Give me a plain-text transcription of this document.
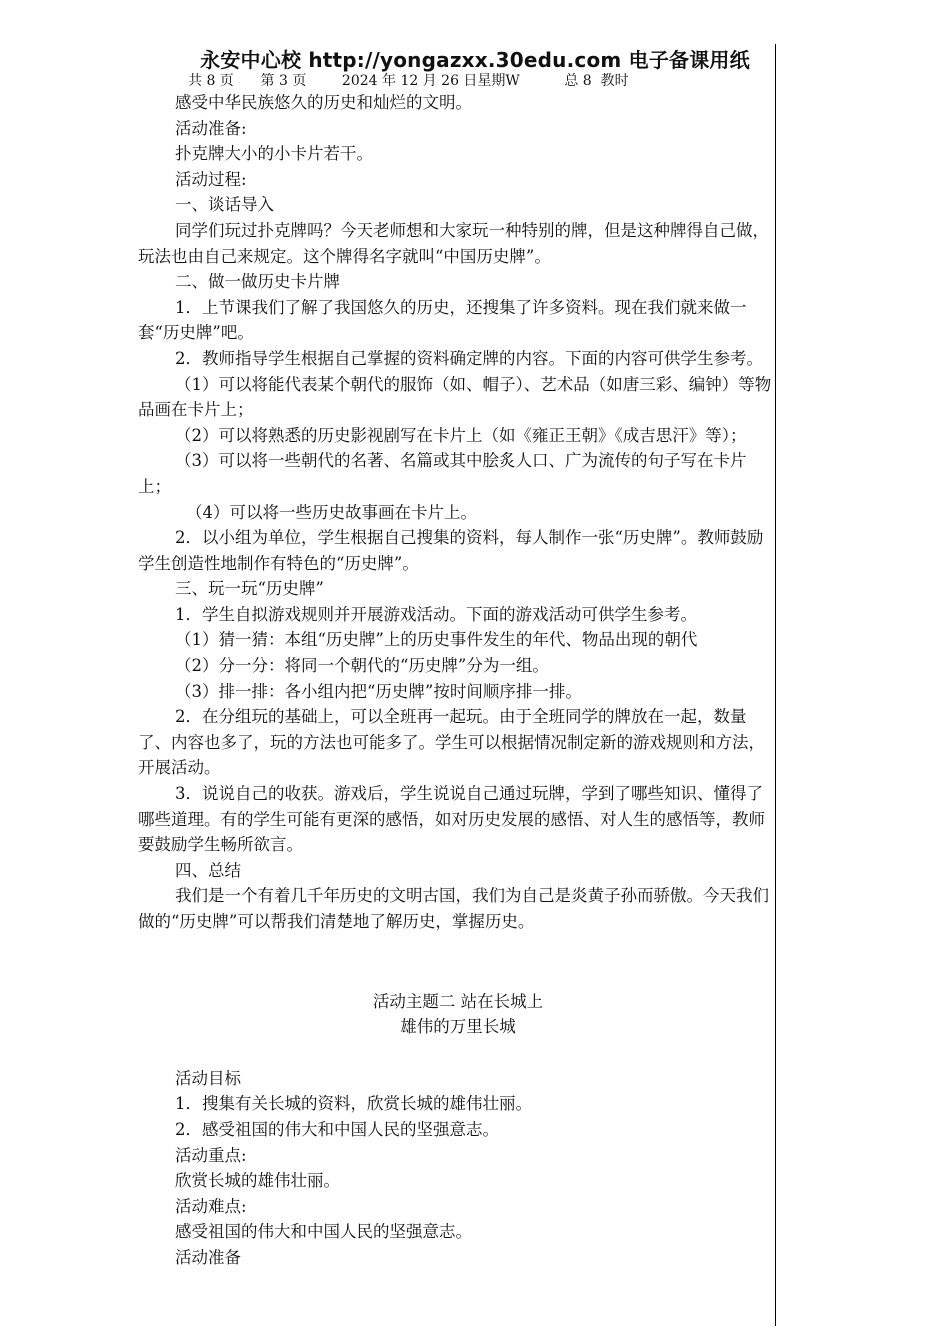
永安中心校 http://yongazxx.30edu.com 电子备课用纸
共 8 页      第 3 页        2024 年 12 月 26 日星期W          总 8  教时

感受中华民族悠久的历史和灿烂的文明。

活动准备:

扑克牌大小的小卡片若干。

活动过程:

一、谈话导入

同学们玩过扑克牌吗？今天老师想和大家玩一种特别的牌，但是这种牌得自己做，玩法也由自己来规定。这个牌得名字就叫“中国历史牌”。

二、做一做历史卡片牌

1．上节课我们了解了我国悠久的历史，还搜集了许多资料。现在我们就来做一套“历史牌”吧。

2．教师指导学生根据自己掌握的资料确定牌的内容。下面的内容可供学生参考。

（1）可以将能代表某个朝代的服饰（如、帽子）、艺术品（如唐三彩、编钟）等物品画在卡片上；

（2）可以将熟悉的历史影视剧写在卡片上（如《雍正王朝》《成吉思汗》等）；

（3）可以将一些朝代的名著、名篇或其中脍炙人口、广为流传的句子写在卡片上；

（4）可以将一些历史故事画在卡片上。

2．以小组为单位，学生根据自己搜集的资料，每人制作一张“历史牌”。教师鼓励学生创造性地制作有特色的“历史牌”。

三、玩一玩“历史牌”

1．学生自拟游戏规则并开展游戏活动。下面的游戏活动可供学生参考。

（1）猜一猜：本组“历史牌”上的历史事件发生的年代、物品出现的朝代

（2）分一分：将同一个朝代的“历史牌”分为一组。

（3）排一排：各小组内把“历史牌”按时间顺序排一排。

2．在分组玩的基础上，可以全班再一起玩。由于全班同学的牌放在一起，数量了、内容也多了，玩的方法也可能多了。学生可以根据情况制定新的游戏规则和方法，开展活动。

3．说说自己的收获。游戏后，学生说说自己通过玩牌，学到了哪些知识、懂得了哪些道理。有的学生可能有更深的感悟，如对历史发展的感悟、对人生的感悟等，教师要鼓励学生畅所欲言。

四、总结

我们是一个有着几千年历史的文明古国，我们为自己是炎黄子孙而骄傲。今天我们做的“历史牌”可以帮我们清楚地了解历史，掌握历史。

活动主题二 站在长城上

雄伟的万里长城

活动目标

1．搜集有关长城的资料，欣赏长城的雄伟壮丽。

2．感受祖国的伟大和中国人民的坚强意志。

活动重点:

欣赏长城的雄伟壮丽。

活动难点:

感受祖国的伟大和中国人民的坚强意志。

活动准备
